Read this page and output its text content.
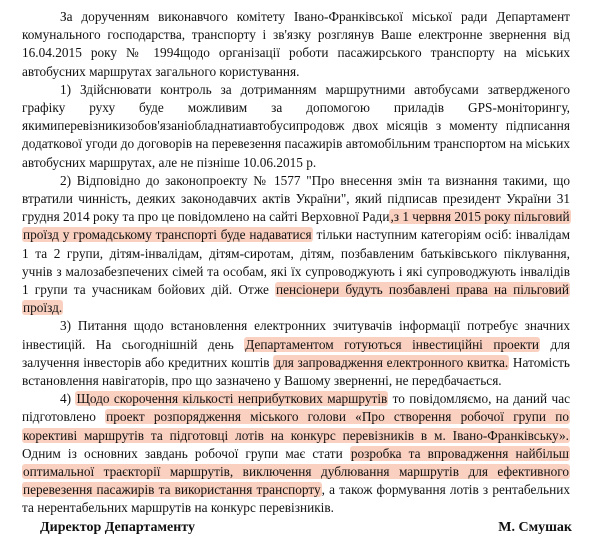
За дорученням виконавчого комітету Івано-Франківської міської ради Департамент комунального господарства, транспорту і зв'язку розглянув Ваше електронне звернення від 16.04.2015 року № 1994щодо організації роботи пасажирського транспорту на міських автобусних маршрутах загального користування.

1) Здійснювати контроль за дотриманням маршрутними автобусами затвердженого графіку руху буде можливим за допомогою приладів GPS-моніторингу, якимиперевізникизобов'язаніобладнатиавтобусипродовж двох місяців з моменту підписання додаткової угоди до договорів на перевезення пасажирів автомобільним транспортом на міських автобусних маршрутах, але не пізніше 10.06.2015 р.

2) Відповідно до законопроекту № 1577 "Про внесення змін та визнання такими, що втратили чинність, деяких законодавчих актів України", який підписав президент України 31 грудня 2014 року та про це повідомлено на сайті Верховної Ради,з 1 червня 2015 року пільговий проїзд у громадському транспорті буде надаватися тільки наступним категоріям осіб: інвалідам 1 та 2 групи, дітям-інвалідам, дітям-сиротам, дітям, позбавленим батьківського піклування, учнів з малозабезпечених сімей та особам, які їх супроводжують і які супроводжують інвалідів 1 групи та учасникам бойових дій. Отже пенсіонери будуть позбавлені права на пільговий проїзд.

3) Питання щодо встановлення електронних зчитувачів інформації потребує значних інвестицій. На сьогоднішній день Департаментом готуються інвестиційні проекти для залучення інвесторів або кредитних коштів для запровадження електронного квитка. Натомість встановлення навігаторів, про що зазначено у Вашому зверненні, не передбачається.

4) Щодо скорочення кількості неприбуткових маршрутів то повідомляємо, на даний час підготовлено проект розпорядження міського голови «Про створення робочої групи по корективі маршрутів та підготовці лотів на конкурс перевізників в м. Івано-Франківську». Одним із основних завдань робочої групи має стати розробка та впровадження найбільш оптимальної траєкторії маршрутів, виключення дублювання маршрутів для ефективного перевезення пасажирів та використання транспорту, а також формування лотів з рентабельних та нерентабельних маршрутів на конкурс перевізників.

Директор Департаменту	М. Смушак
